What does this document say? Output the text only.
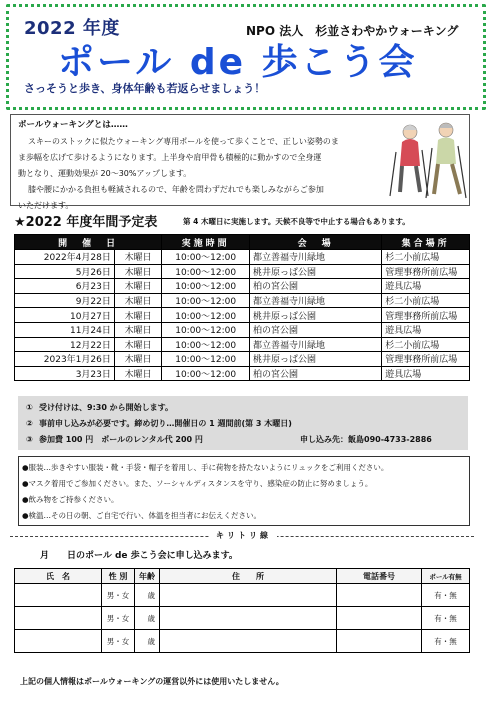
2022 年度	NPO 法人　杉並さわやかウォーキング
ポール de 歩こう会
さっそうと歩き、身体年齢も若返らせましょう！
ポールウォーキングとは……
スキーのストックに似たウォーキング専用ポールを使って歩くことで、正しい姿勢のま
ま歩幅を広げて歩けるようになります。上半身や肩甲骨も積極的に動かすので全身運
動となり、運動効果が 20～30%アップします。
膝や腰にかかる負担も軽減されるので、年齢を問わずだれでも楽しみながらご参加
いただけます。
★2022 年度年間予定表	第 4 木曜日に実施します。天候不良等で中止する場合もあります。
開　催　日		実施時間	会　場	集合場所
2022年4月28日	木曜日	10:00～12:00	都立善福寺川緑地	杉二小前広場
5月26日	木曜日	10:00～12:00	桃井原っぱ公園	管理事務所前広場
6月23日	木曜日	10:00～12:00	柏の宮公園	遊具広場
9月22日	木曜日	10:00～12:00	都立善福寺川緑地	杉二小前広場
10月27日	木曜日	10:00～12:00	桃井原っぱ公園	管理事務所前広場
11月24日	木曜日	10:00～12:00	柏の宮公園	遊具広場
12月22日	木曜日	10:00～12:00	都立善福寺川緑地	杉二小前広場
2023年1月26日	木曜日	10:00～12:00	桃井原っぱ公園	管理事務所前広場
3月23日	木曜日	10:00～12:00	柏の宮公園	遊具広場
① 受け付けは、9:30 から開始します。
② 事前申し込みが必要です。締め切り…開催日の 1 週間前(第 3 木曜日)
③ 参加費 100 円　ポールのレンタル代 200 円	申し込み先：飯島090-4733-2886
●服装…歩きやすい服装・靴・手袋・帽子を着用し、手に荷物を持たないようにリュックをご利用ください。
●マスク着用でご参加ください。また、ソーシャルディスタンスを守り、感染症の防止に努めましょう。
●飲み物をご持参ください。
●検温…その日の朝、ご自宅で行い、体温を担当者にお伝えください。
キリトリ線
月　　日のポール de 歩こう会に申し込みます。
氏　名	性 別	年齢	住　　所	電話番号	ポール有無
	男・女	歳			有・無
	男・女	歳			有・無
	男・女	歳			有・無
上記の個人情報はポールウォーキングの運営以外には使用いたしません。
